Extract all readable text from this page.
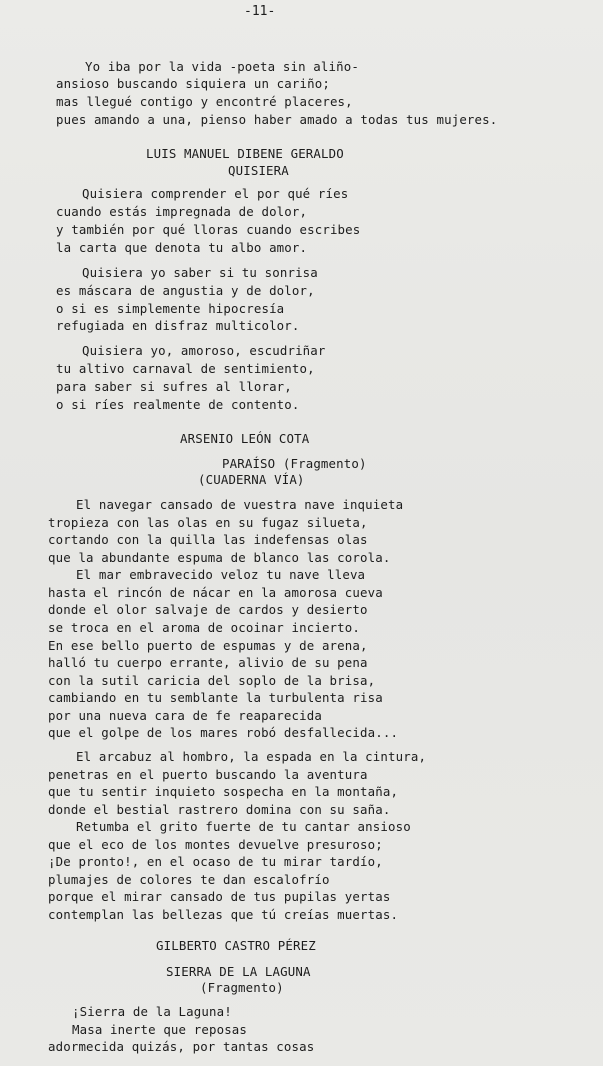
-11-
Yo iba por la vida -poeta sin aliño-
ansioso buscando siquiera un cariño;
mas llegué contigo y encontré placeres,
pues amando a una, pienso haber amado a todas tus mujeres.
LUIS MANUEL DIBENE GERALDO
QUISIERA
Quisiera comprender el por qué ríes
cuando estás impregnada de dolor,
y también por qué lloras cuando escribes
la carta que denota tu albo amor.
Quisiera yo saber si tu sonrisa
es máscara de angustia y de dolor,
o si es simplemente hipocresía
refugiada en disfraz multicolor.
Quisiera yo, amoroso, escudriñar
tu altivo carnaval de sentimiento,
para saber si sufres al llorar,
o si ríes realmente de contento.
ARSENIO LEÓN COTA
PARAÍSO (Fragmento)
(CUADERNA VÍA)
El navegar cansado de vuestra nave inquieta
tropieza con las olas en su fugaz silueta,
cortando con la quilla las indefensas olas
que la abundante espuma de blanco las corola.
El mar embravecido veloz tu nave lleva
hasta el rincón de nácar en la amorosa cueva
donde el olor salvaje de cardos y desierto
se troca en el aroma de ocoinar incierto.
En ese bello puerto de espumas y de arena,
halló tu cuerpo errante, alivio de su pena
con la sutil caricia del soplo de la brisa,
cambiando en tu semblante la turbulenta risa
por una nueva cara de fe reaparecida
que el golpe de los mares robó desfallecida...
El arcabuz al hombro, la espada en la cintura,
penetras en el puerto buscando la aventura
que tu sentir inquieto sospecha en la montaña,
donde el bestial rastrero domina con su saña.
Retumba el grito fuerte de tu cantar ansioso
que el eco de los montes devuelve presuroso;
¡De pronto!, en el ocaso de tu mirar tardío,
plumajes de colores te dan escalofrío
porque el mirar cansado de tus pupilas yertas
contemplan las bellezas que tú creías muertas.
GILBERTO CASTRO PÉREZ
SIERRA DE LA LAGUNA
(Fragmento)
¡Sierra de la Laguna!
Masa inerte que reposas
adormecida quizás, por tantas cosas
